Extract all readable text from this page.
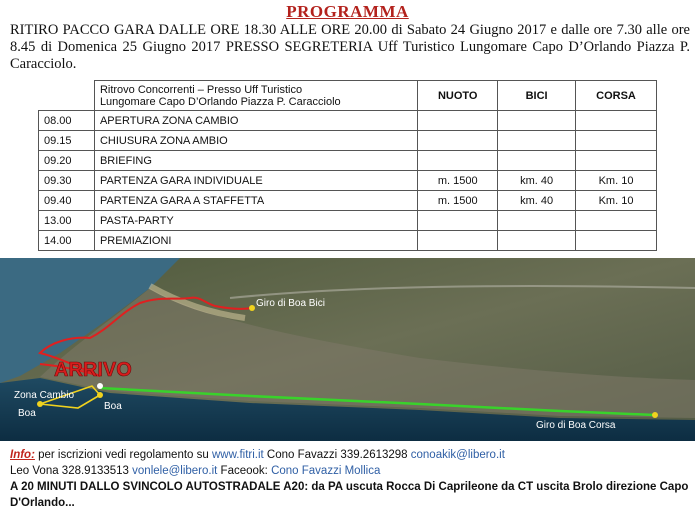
PROGRAMMA
RITIRO PACCO GARA DALLE ORE 18.30 ALLE ORE 20.00 di Sabato 24 Giugno 2017 e dalle ore 7.30 alle ore 8.45 di Domenica 25 Giugno 2017 PRESSO SEGRETERIA Uff Turistico Lungomare Capo D’Orlando Piazza P. Caracciolo.

	Ritrovo Concorrenti – Presso Uff Turistico
Lungomare Capo D’Orlando Piazza P. Caracciolo	NUOTO	BICI	CORSA
08.00	APERTURA ZONA CAMBIO			
09.15	CHIUSURA ZONA AMBIO			
09.20	BRIEFING			
09.30	PARTENZA GARA INDIVIDUALE	m. 1500	km. 40	Km. 10
09.40	PARTENZA GARA A STAFFETTA	m. 1500	km. 40	Km. 10
13.00	PASTA-PARTY			
14.00	PREMIAZIONI			
ARRIVO
Giro di Boa Bici
Zona Cambio
Boa
Boa
Giro di Boa Corsa
Info: per iscrizioni vedi regolamento su www.fitri.it Cono Favazzi 339.2613298 conoakik@libero.it
Leo Vona 328.9133513 vonlele@libero.it Faceook: Cono Favazzi Mollica
A 20 MINUTI DALLO SVINCOLO AUTOSTRADALE A20: da PA uscuta Rocca Di Caprileone da CT uscita Brolo direzione Capo D'Orlando...
